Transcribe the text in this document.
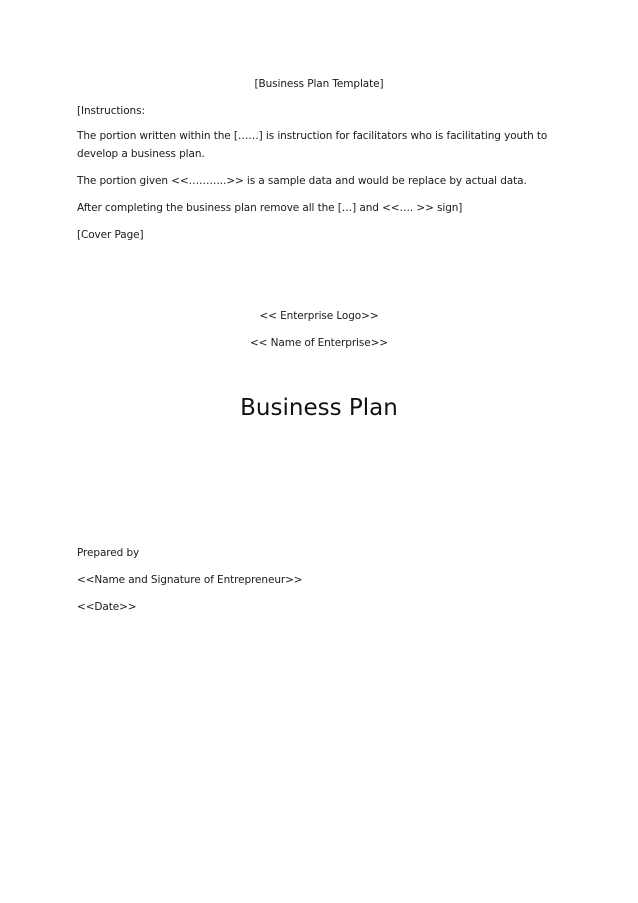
[Business Plan Template]
[Instructions:
The portion written within the [……] is instruction for facilitators who is facilitating youth to develop a business plan.
The portion given <<………..>> is a sample data and would be replace by actual data.
After completing the business plan remove all the […] and <<…. >> sign]
[Cover Page]
<< Enterprise Logo>>
<< Name of Enterprise>>
Business Plan
Prepared by
<<Name and Signature of Entrepreneur>>
<<Date>>
